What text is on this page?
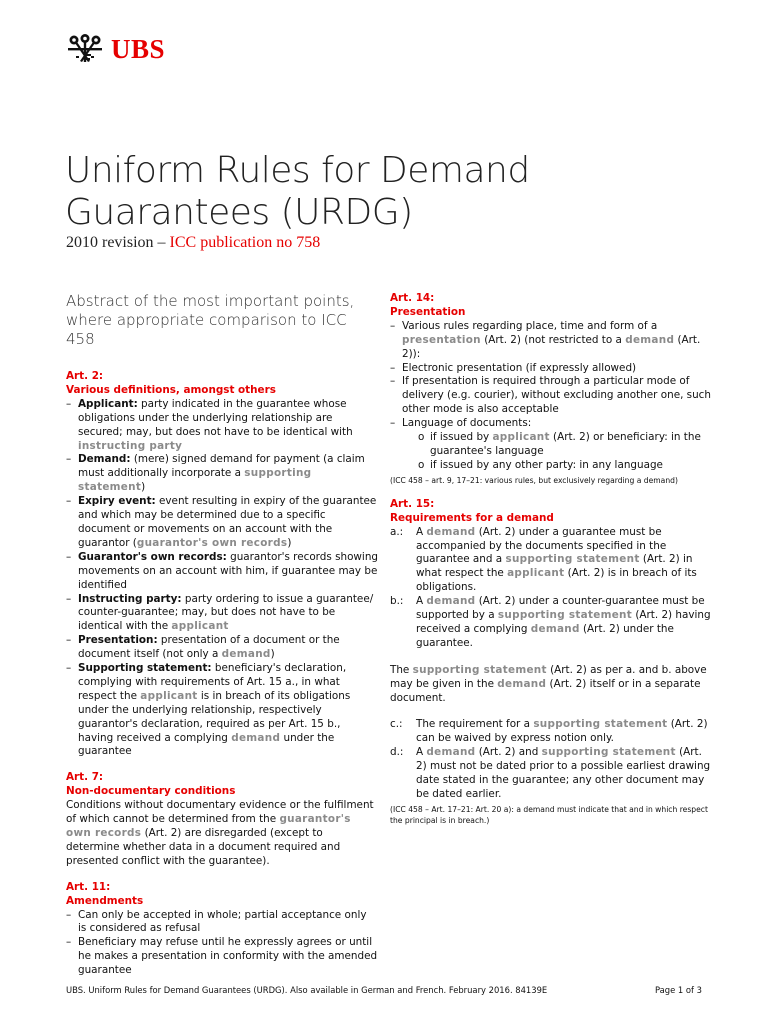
UBS
Uniform Rules for Demand Guarantees (URDG)
2010 revision – ICC publication no 758

Abstract of the most important points, where appropriate comparison to ICC 458

Art. 2:

Various definitions, amongst others

– Applicant: party indicated in the guarantee whose obligations under the underlying relationship are secured; may, but does not have to be identical with instructing party
– Demand: (mere) signed demand for payment (a claim must additionally incorporate a supporting statement)
– Expiry event: event resulting in expiry of the guarantee and which may be determined due to a specific document or movements on an account with the guarantor (guarantor's own records)
– Guarantor's own records: guarantor's records showing movements on an account with him, if guarantee may be identified
– Instructing party: party ordering to issue a guarantee/ counter-guarantee; may, but does not have to be identical with the applicant
– Presentation: presentation of a document or the document itself (not only a demand)
– Supporting statement: beneficiary's declaration, complying with requirements of Art. 15 a., in what respect the applicant is in breach of its obligations under the underlying relationship, respectively guarantor's declaration, required as per Art. 15 b., having received a complying demand under the guarantee

Art. 7:

Non-documentary conditions

Conditions without documentary evidence or the fulfilment of which cannot be determined from the guarantor's own records (Art. 2) are disregarded (except to determine whether data in a document required and presented conflict with the guarantee).

Art. 11:

Amendments

– Can only be accepted in whole; partial acceptance only is considered as refusal
– Beneficiary may refuse until he expressly agrees or until he makes a presentation in conformity with the amended guarantee

Art. 14:

Presentation

– Various rules regarding place, time and form of a presentation (Art. 2) (not restricted to a demand (Art. 2)):
– Electronic presentation (if expressly allowed)
– If presentation is required through a particular mode of delivery (e.g. courier), without excluding another one, such other mode is also acceptable
– Language of documents:
o if issued by applicant (Art. 2) or beneficiary: in the guarantee's language
o if issued by any other party: in any language

(ICC 458 – art. 9, 17–21: various rules, but exclusively regarding a demand)

Art. 15:

Requirements for a demand

a.:	A demand (Art. 2) under a guarantee must be accompanied by the documents specified in the guarantee and a supporting statement (Art. 2) in what respect the applicant (Art. 2) is in breach of its obligations.
b.:	A demand (Art. 2) under a counter-guarantee must be supported by a supporting statement (Art. 2) having received a complying demand (Art. 2) under the guarantee.

The supporting statement (Art. 2) as per a. and b. above may be given in the demand (Art. 2) itself or in a separate document.

c.:	The requirement for a supporting statement (Art. 2) can be waived by express notion only.
d.:	A demand (Art. 2) and supporting statement (Art. 2) must not be dated prior to a possible earliest drawing date stated in the guarantee; any other document may be dated earlier.

(ICC 458 – Art. 17–21: Art. 20 a): a demand must indicate that and in which respect the principal is in breach.)

UBS. Uniform Rules for Demand Guarantees (URDG). Also available in German and French. February 2016. 84139E	Page 1 of 3
